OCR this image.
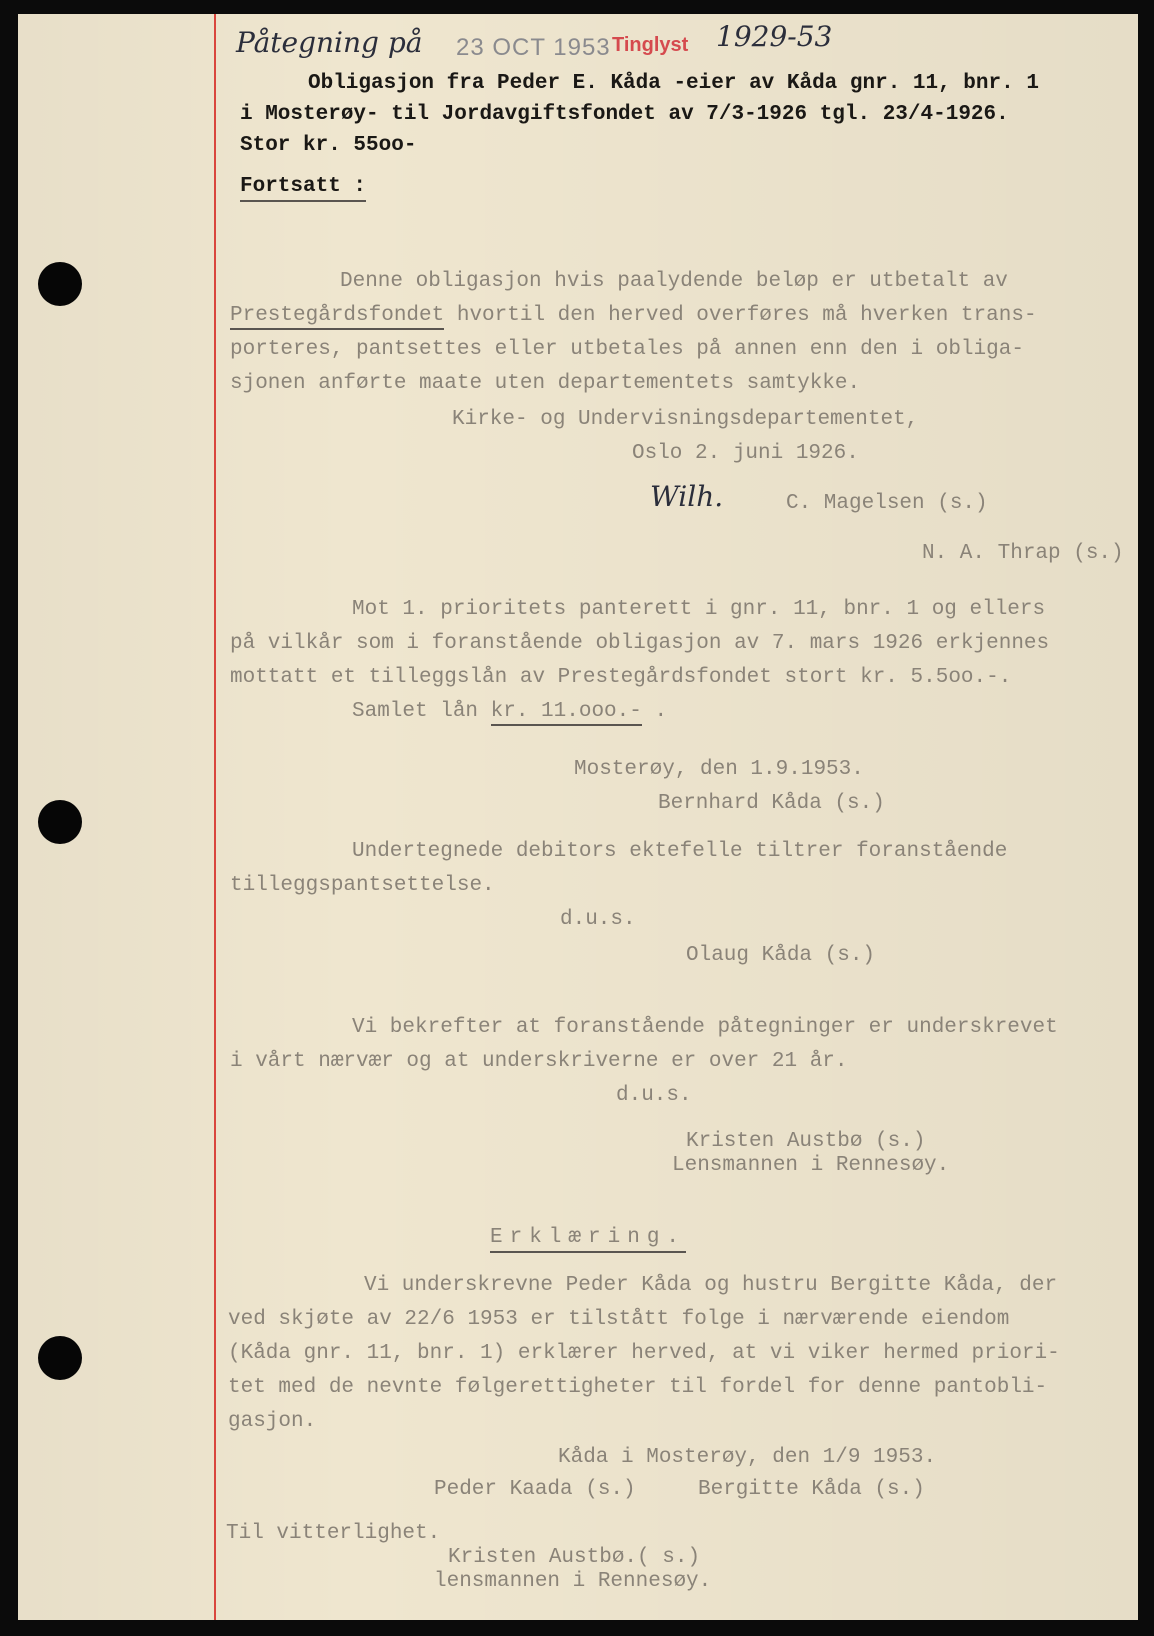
Påtegning på 23 OCT 1953 Tinglyst 1929-53
Obligasjon fra Peder E. Kåda -eier av Kåda gnr. 11, bnr. 1
i Mosterøy- til Jordavgiftsfondet av 7/3-1926 tgl. 23/4-1926.
Stor kr. 55oo-
Fortsatt :
Denne obligasjon hvis paalydende beløp er utbetalt av
Prestegårdsfondet hvortil den herved overføres må hverken trans-
porteres, pantsettes eller utbetales på annen enn den i obliga-
sjonen anførte maate uten departementets samtykke.
Kirke- og Undervisningsdepartementet,
Oslo 2. juni 1926.
Wilh.	C. Magelsen (s.)
N. A. Thrap (s.)
Mot 1. prioritets panterett i gnr. 11, bnr. 1 og ellers
på vilkår som i foranstående obligasjon av 7. mars 1926 erkjennes
mottatt et tilleggslån av Prestegårdsfondet stort kr. 5.5oo.-.
Samlet lån kr. 11.ooo.- .
Mosterøy, den 1.9.1953.
Bernhard Kåda (s.)
Undertegnede debitors ektefelle tiltrer foranstående
tilleggspantsettelse.
d.u.s.
Olaug Kåda (s.)
Vi bekrefter at foranstående påtegninger er underskrevet
i vårt nærvær og at underskriverne er over 21 år.
d.u.s.
Kristen Austbø (s.)
Lensmannen i Rennesøy.
Erklæring.
Vi underskrevne Peder Kåda og hustru Bergitte Kåda, der
ved skjøte av 22/6 1953 er tilstått folge i nærværende eiendom
(Kåda gnr. 11, bnr. 1) erklærer herved, at vi viker hermed priori-
tet med de nevnte følgerettigheter til fordel for denne pantobli-
gasjon.
Kåda i Mosterøy, den 1/9 1953.
Peder Kaada (s.)	Bergitte Kåda (s.)
Til vitterlighet.
Kristen Austbø.( s.)
lensmannen i Rennesøy.
